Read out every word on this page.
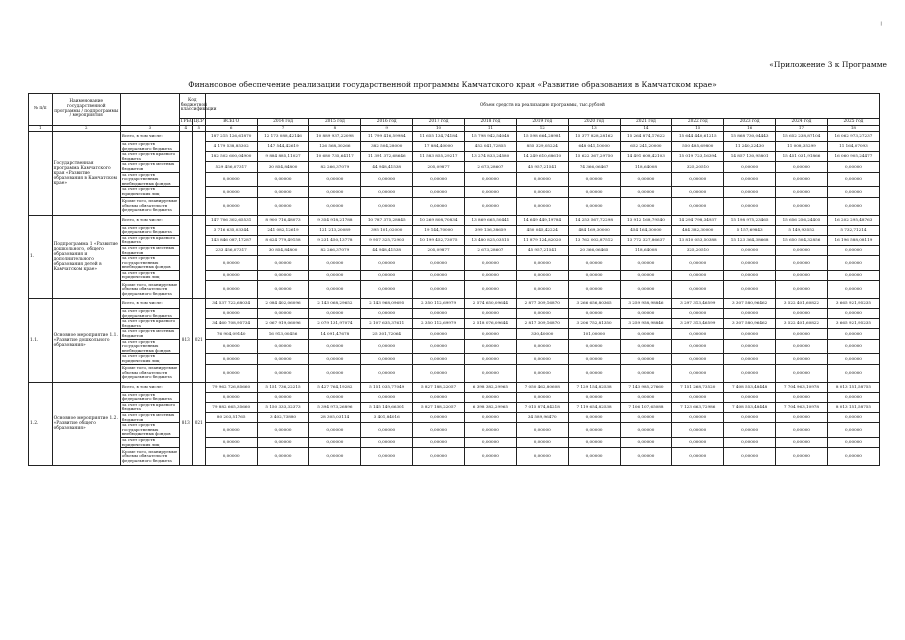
╷
«Приложение 3 к Программе
Финансовое обеспечение реализации государственной программы Камчатского края «Развитие образования в Камчатском крае»
№ п/п	Наименование государственной программы / подпрограммы / мероприятия		Код бюджетной классификации		Объем средств на реализацию программы, тыс.рублей												
			ГРБС	ЦСР	ВСЕГО	2014 год	2015 год	2016 год	2017 год	2018 год	2019 год	2020 год	2021 год	2022 год	2023 год	2024 год	2025 год
1	2	3	4	5	6	7	8	9	10	11	12	13	14	15	16	17	18
	Государственная программа Камчатского края «Развитие образования в Камчатском крае»	Всего, в том числе:			187 215 126,61870	12 173 088,42146	10 889 937,22098	11 799 416,59984	11 655 134,74184	15 798 942,54048	15 598 664,28981	15 377 828,28162	15 264 874,17622	15 644 440,61215	15 868 730,04443	15 652 238,87104	16 062 973,27237
		за счет средств федерального бюджета			4 179 538,85302	147 544,42619	126 568,30266	382 504,28000	17 884,40000	452 041,72855	855 329,05224	648 041,10000	652 241,20000	550 485,69800	11 240,22430	11 008,35299	11 164,07093
		за счет средств краевого бюджета			182 502 600,04900	9 884 885,11027	10 680 735,64117	11 391 372,68646	11 583 855,29217	13 274 833,24580	14 249 610,68610	15 622 367,29750	14 491 608,42103	15 019 723,16394	14 857 130,95801	15 451 031,91866	16 060 905,24477
		за счет средств местных бюджетов			529 456,07317	30 854,84800	82 266,37079	44 948,41538	205,09877	2 673,28607	45 957,21541	74 366,06467	118,64008	325,20510	0,00000	0,00000	0,00000
		за счет средств государственных внебюджетных фондов			0,00000	0,00000	0,00000	0,00000	0,00000	0,00000	0,00000	0,00000	0,00000	0,00000	0,00000	0,00000	0,00000
		за счет средств юридических лиц			0,00000	0,00000	0,00000	0,00000	0,00000	0,00000	0,00000	0,00000	0,00000	0,00000	0,00000	0,00000	0,00000
		Кроме того, планируемые объемы обязательств федерального бюджета			0,00000	0,00000	0,00000	0,00000	0,00000	0,00000	0,00000	0,00000	0,00000	0,00000	0,00000	0,00000	0,00000
1.	Подпрограмма 1 «Развитие дошкольного, общего образования и дополнительного образования детей в Камчатском крае»	Всего, в том числе:			147 706 302,65531	8 900 716,48073	9 354 918,21788	10 787 375,28845	10 269 808,70834	13 869 665,50441	14 649 449,19784	14 253 567,72298	13 912 168,79540	14 294 798,34937	15 198 975,23465	15 656 256,24405	16 202 295,48763
		за счет средств федерального бюджета			3 716 635,03344	241 082,12619	121 213,20089	395 101,02000	19 144,70000	399 136,38659	450 045,42224	484 169,30000	454 164,30000	484 382,30000	5 157,69843	5 149,93552	5 732,71214
		за счет средств краевого бюджета			143 846 087,17287	8 624 779,49158	9 231 450,13778	9 957 325,72903	10 199 452,73075	13 480 825,03515	11 879 124,82020	13 762 002,87512	13 772 327,86637	13 810 053,50388	15 123 364,38668	15 650 504,32856	16 196 588,08119
		за счет средств местных бюджетов			233 456,07317	30 854,84800	82 266,37079	44 948,41538	205,09877	2 673,28607	45 957,21541	20 366,06465	118,64008	325,20510	0,00000	0,00000	0,00000
		за счет средств государственных внебюджетных фондов			0,00000	0,00000	0,00000	0,00000	0,00000	0,00000	0,00000	0,00000	0,00000	0,00000	0,00000	0,00000	0,00000
		за счет средств юридических лиц			0,00000	0,00000	0,00000	0,00000	0,00000	0,00000	0,00000	0,00000	0,00000	0,00000	0,00000	0,00000	0,00000
		Кроме того, планируемые объемы обязательств федерального бюджета			0,00000	0,00000	0,00000	0,00000	0,00000	0,00000	0,00000	0,00000	0,00000	0,00000	0,00000	0,00000	0,00000
1.1.	Основное мероприятие 1.1. «Развитие дошкольного образования»	Всего, в том числе:	813	021	34 537 722,68034	2 084 402,06096	2 143 068,29652	2 143 968,09695	2 350 112,69979	2 574 650,09644	2 877 309,16870	3 266 656,80365	3 259 958,98846	3 297 313,46599	3 307 580,96462	3 522 401,60822	3 665 921,95235
		за счет средств федерального бюджета			0,00000	0,00000	0,00000	0,00000	0,00000	0,00000	0,00000	0,00000	0,00000	0,00000	0,00000	0,00000	0,00000
		за счет средств краевого бюджета			34 460 708,95734	2 067 919,06096	2 079 131,97074	2 107 635,37611	2 350 112,69979	2 518 076,09644	2 817 309,16870	3 206 752,81350	3 259 958,98846	3 297 313,46599	3 307 580,96462	3 522 401,60822	3 665 921,95235
		за счет средств местных бюджетов			76 904,09140	16 913,00456	14 091,47678	25 301,72064	0,00000	0,00000	330,40000	101,00000	0,00000	0,00000	0,00000	0,00000	0,00000
		за счет средств государственных внебюджетных фондов			0,00000	0,00000	0,00000	0,00000	0,00000	0,00000	0,00000	0,00000	0,00000	0,00000	0,00000	0,00000	0,00000
		за счет средств юридических лиц			0,00000	0,00000	0,00000	0,00000	0,00000	0,00000	0,00000	0,00000	0,00000	0,00000	0,00000	0,00000	0,00000
		Кроме того, планируемые объемы обязательств федерального бюджета			0,00000	0,00000	0,00000	0,00000	0,00000	0,00000	0,00000	0,00000	0,00000	0,00000	0,00000	0,00000	0,00000
1.2.	Основное мероприятие 1.2. «Развитие общего образования»	Всего, в том числе:	813	021	79 962 726,85660	5 151 736,22215	5 427 764,19282	5 151 035,77049	5 827 188,22057	6 398 382,29965	7 050 462,80608	7 129 154,82538	7 143 985,27660	7 151 268,73520	7 408 553,48448	7 704 963,10978	8 013 151,58755
		за счет средств федерального бюджета			0,00000	0,00000	0,00000	0,00000	0,00000	0,00000	0,00000	0,00000	0,00000	0,00000	0,00000	0,00000	0,00000
		за счет средств краевого бюджета			79 882 665,35660	5 150 333,32373	5 394 973,26896	5 145 149,66301	5 827 188,22057	6 398 382,29965	7 015 874,84218	7 119 654,82538	7 106 107,65088	7 123 663,72986	7 408 553,48448	7 704 963,10978	8 013 151,58755
		за счет средств местных бюджетов			80 203,51765	3 402,73880	28 305,03114	3 401,84016	0,00000	0,00000	34 589,96470	0,00000	0,00000	0,00000	0,00000	0,00000	0,00000
		за счет средств государственных внебюджетных фондов			0,00000	0,00000	0,00000	0,00000	0,00000	0,00000	0,00000	0,00000	0,00000	0,00000	0,00000	0,00000	0,00000
		за счет средств юридических лиц			0,00000	0,00000	0,00000	0,00000	0,00000	0,00000	0,00000	0,00000	0,00000	0,00000	0,00000	0,00000	0,00000
		Кроме того, планируемые объемы обязательств федерального бюджета			0,00000	0,00000	0,00000	0,00000	0,00000	0,00000	0,00000	0,00000	0,00000	0,00000	0,00000	0,00000	0,00000
